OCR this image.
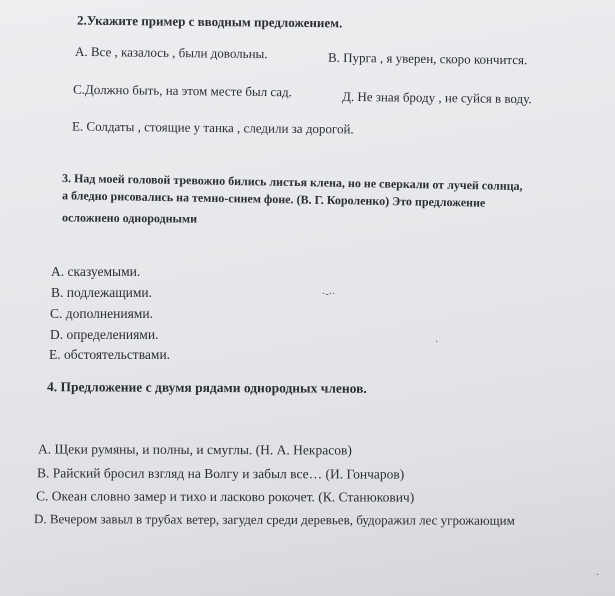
2.Укажите пример с вводным предложением.
А. Все , казалось , были довольны.	В. Пурга , я уверен, скоро кончится.
С.Должно быть, на этом месте был сад.	Д. Не зная броду , не суйся в воду.
Е. Солдаты , стоящие у танка , следили за дорогой.
3. Над моей головой тревожно бились листья клена, но не сверкали от лучей солнца,
а бледно рисовались на темно-синем фоне. (В. Г. Короленко) Это предложение
осложнено однородными
А. сказуемыми.
В. подлежащими.
С. дополнениями.
D. определениями.
Е. обстоятельствами.
4. Предложение с двумя рядами однородных членов.
А. Щеки румяны, и полны, и смуглы. (Н. А. Некрасов)
В. Райский бросил взгляд на Волгу и забыл все… (И. Гончаров)
С. Океан словно замер и тихо и ласково рокочет. (К. Станюкович)
D. Вечером завыл в трубах ветер, загудел среди деревьев, будоражил лес угрожающим
·‐··
·
·
